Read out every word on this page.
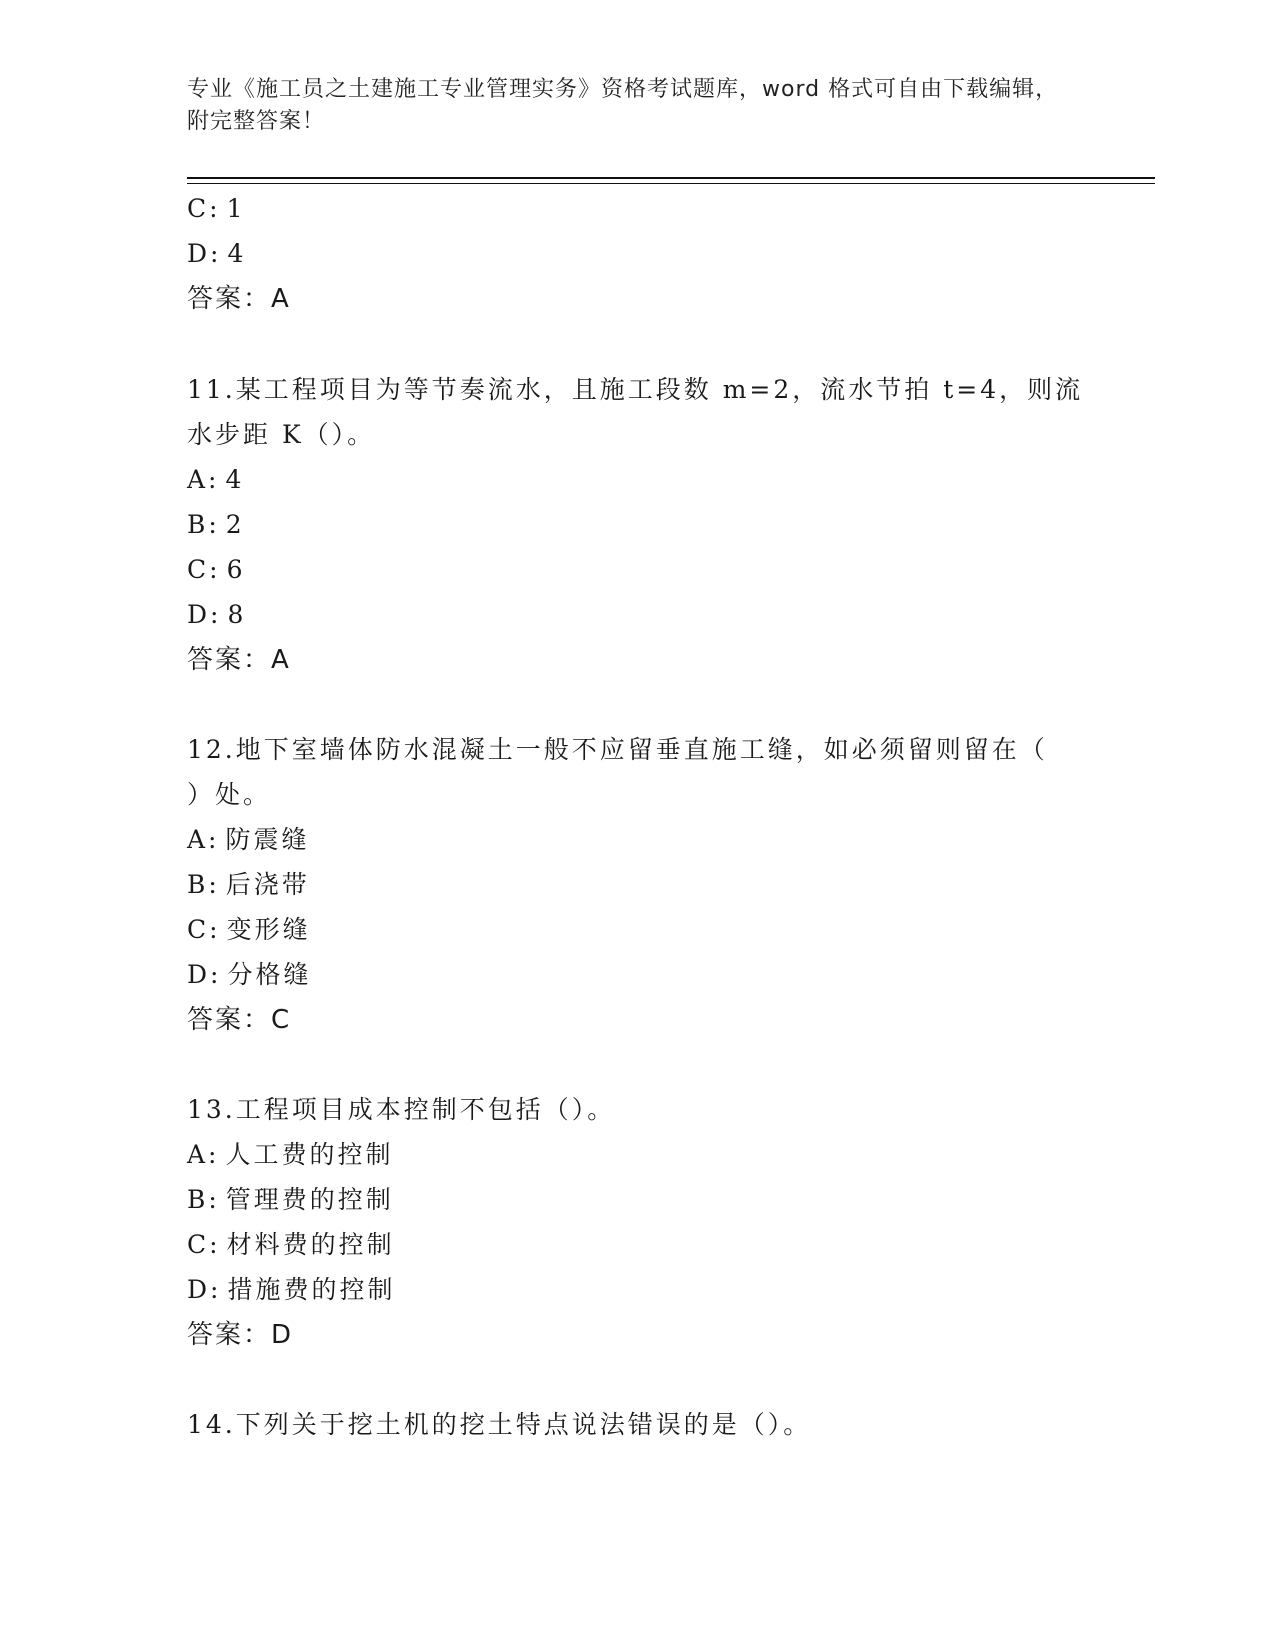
专业《施工员之土建施工专业管理实务》资格考试题库，word 格式可自由下载编辑，附完整答案！
C: 1
D: 4
答案：A
11.某工程项目为等节奏流水，且施工段数 m=2，流水节拍 t=4，则流
水步距 K（）。
A: 4
B: 2
C: 6
D: 8
答案：A
12.地下室墙体防水混凝土一般不应留垂直施工缝，如必须留则留在（
）处。
A: 防震缝
B: 后浇带
C: 变形缝
D: 分格缝
答案：C
13.工程项目成本控制不包括（）。
A: 人工费的控制
B: 管理费的控制
C: 材料费的控制
D: 措施费的控制
答案：D
14.下列关于挖土机的挖土特点说法错误的是（）。
